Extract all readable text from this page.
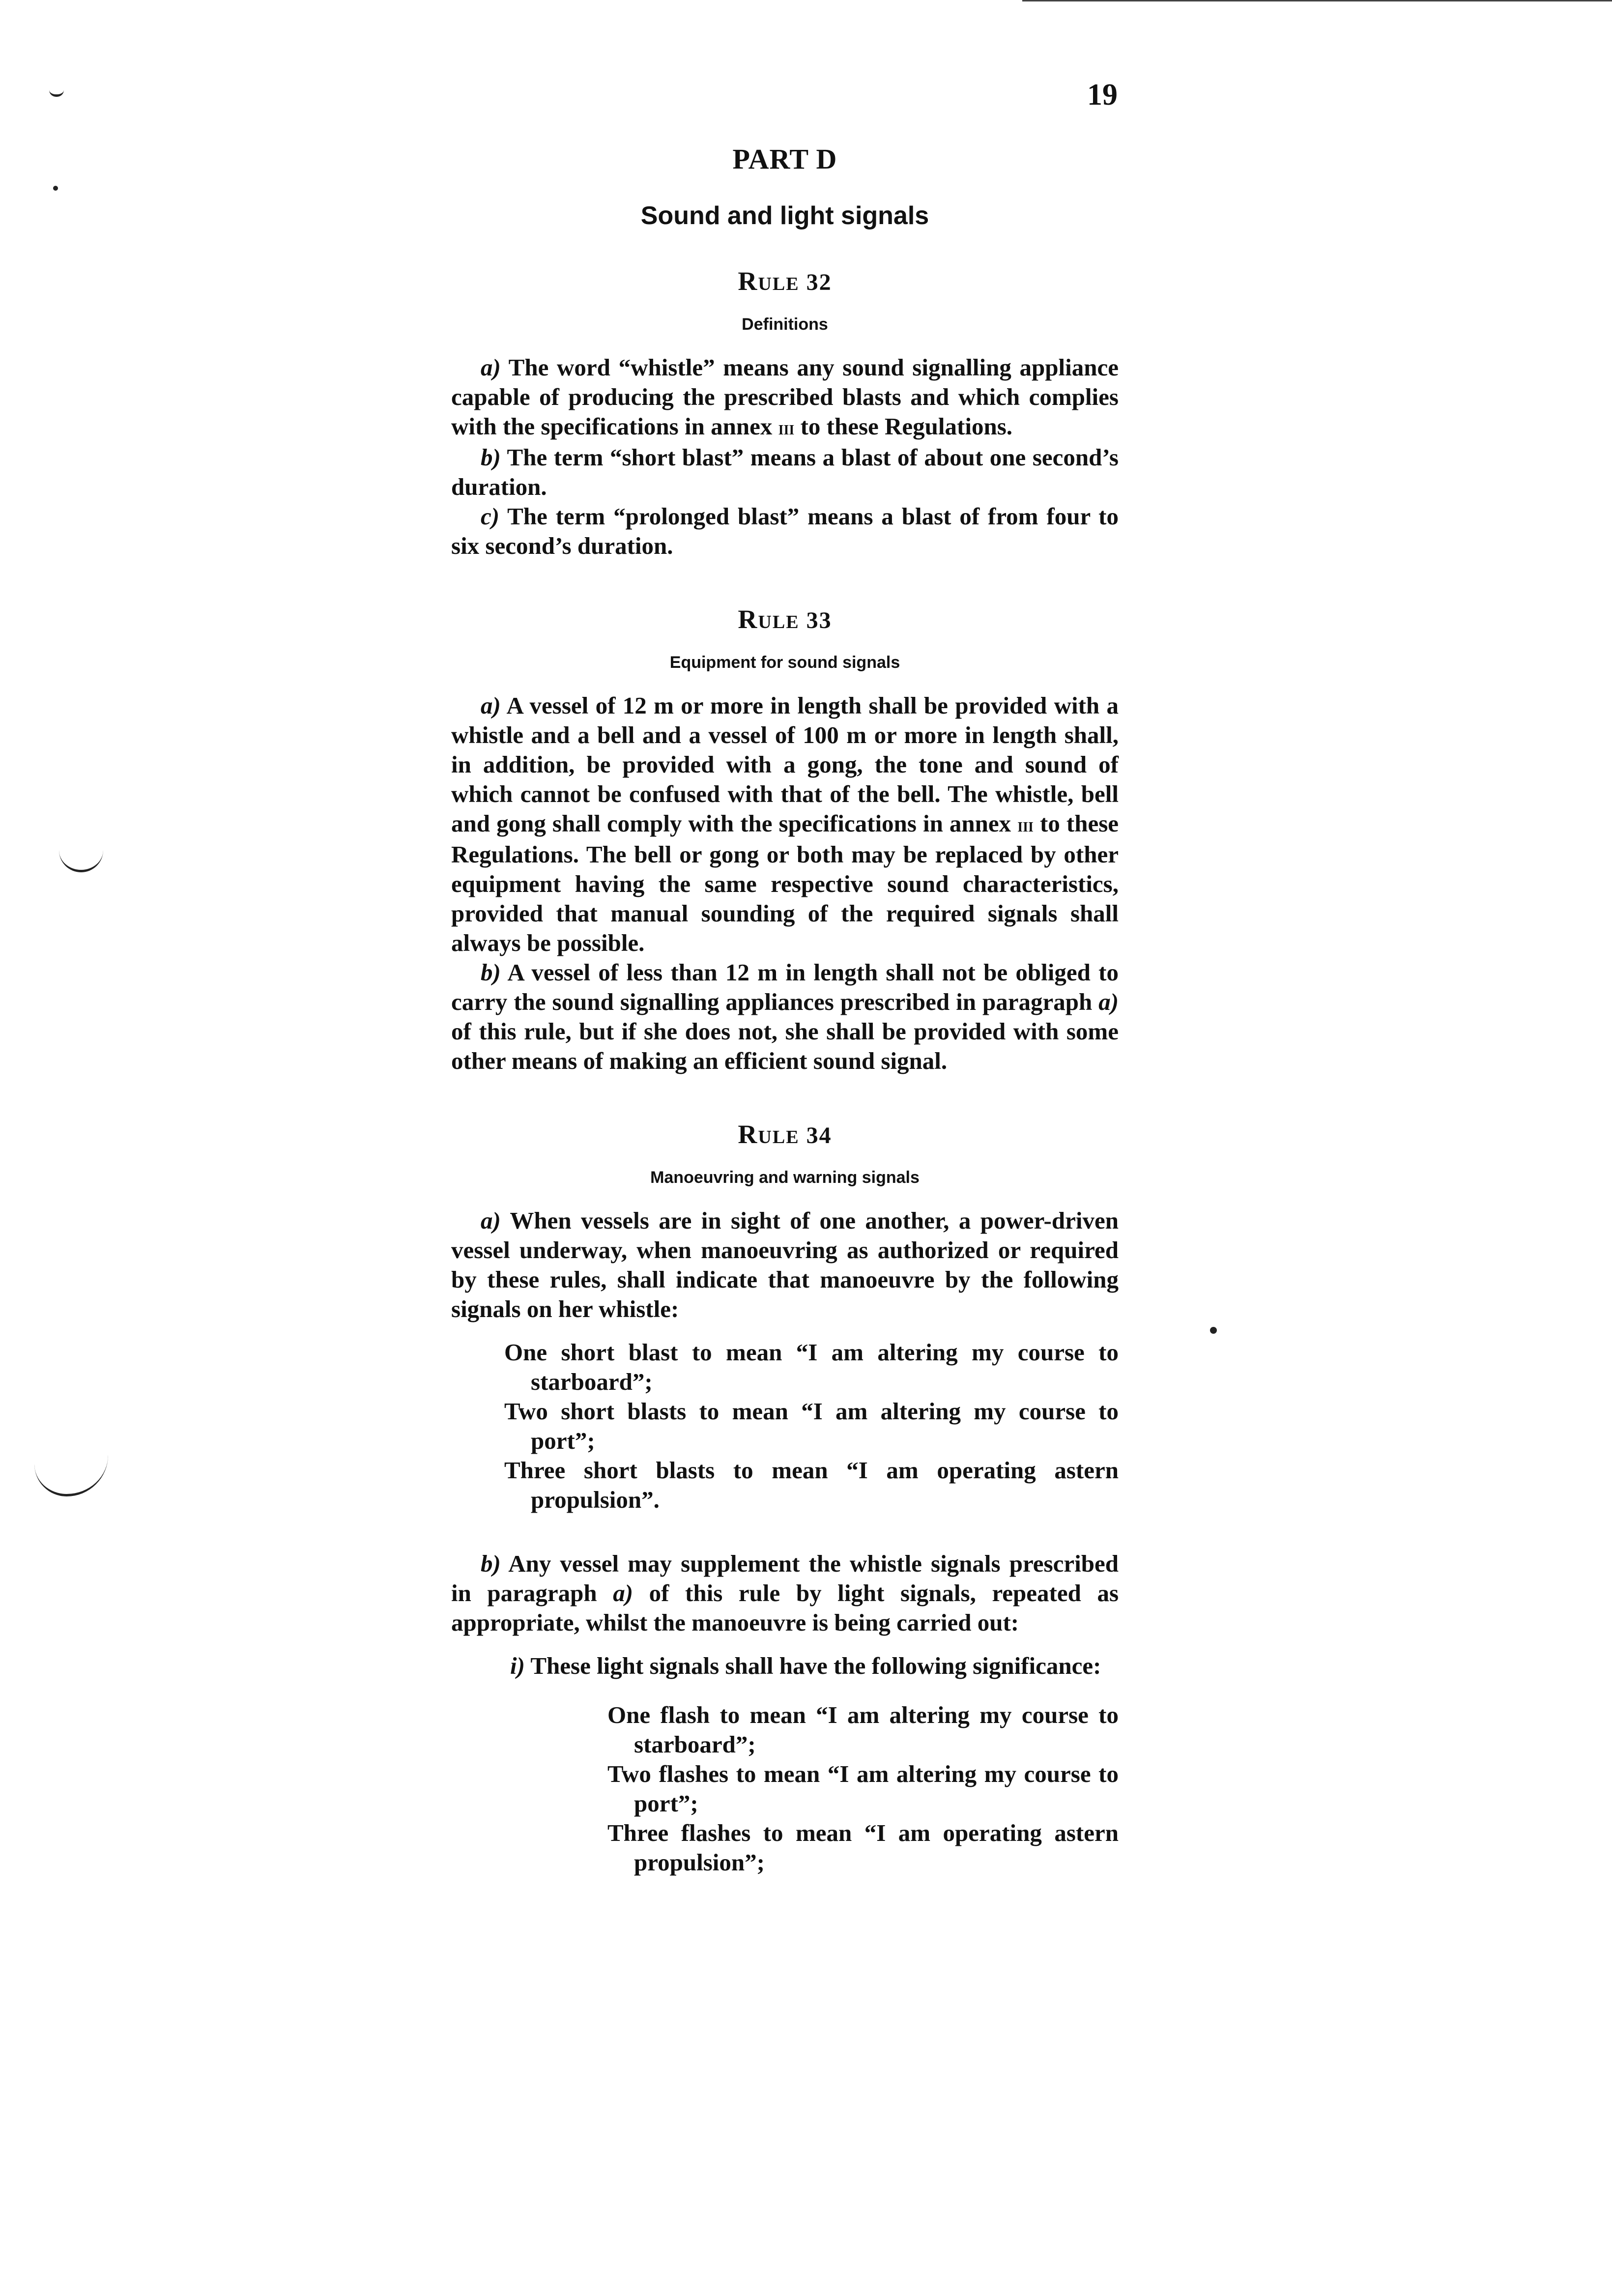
19
PART D
Sound and light signals

Rule 32

Definitions

a) The word “whistle” means any sound signalling appliance capable of producing the prescribed blasts and which complies with the specifications in annex iii to these Regulations.

b) The term “short blast” means a blast of about one second’s duration.

c) The term “prolonged blast” means a blast of from four to six second’s duration.

Rule 33

Equipment for sound signals

a) A vessel of 12 m or more in length shall be provided with a whistle and a bell and a vessel of 100 m or more in length shall, in addition, be provided with a gong, the tone and sound of which cannot be confused with that of the bell. The whistle, bell and gong shall comply with the specifications in annex iii to these Regulations. The bell or gong or both may be replaced by other equipment having the same respective sound characteristics, provided that manual sounding of the required signals shall always be possible.

b) A vessel of less than 12 m in length shall not be obliged to carry the sound signalling appliances prescribed in paragraph a) of this rule, but if she does not, she shall be provided with some other means of making an efficient sound signal.

Rule 34

Manoeuvring and warning signals

a) When vessels are in sight of one another, a power-driven vessel underway, when manoeuvring as authorized or required by these rules, shall indicate that manoeuvre by the following signals on her whistle:

One short blast to mean “I am altering my course to starboard”;
Two short blasts to mean “I am altering my course to port”;
Three short blasts to mean “I am operating astern propulsion”.

b) Any vessel may supplement the whistle signals prescribed in paragraph a) of this rule by light signals, repeated as appropriate, whilst the manoeuvre is being carried out:

i) These light signals shall have the following significance:

One flash to mean “I am altering my course to starboard”;
Two flashes to mean “I am altering my course to port”;
Three flashes to mean “I am operating astern propulsion”;
